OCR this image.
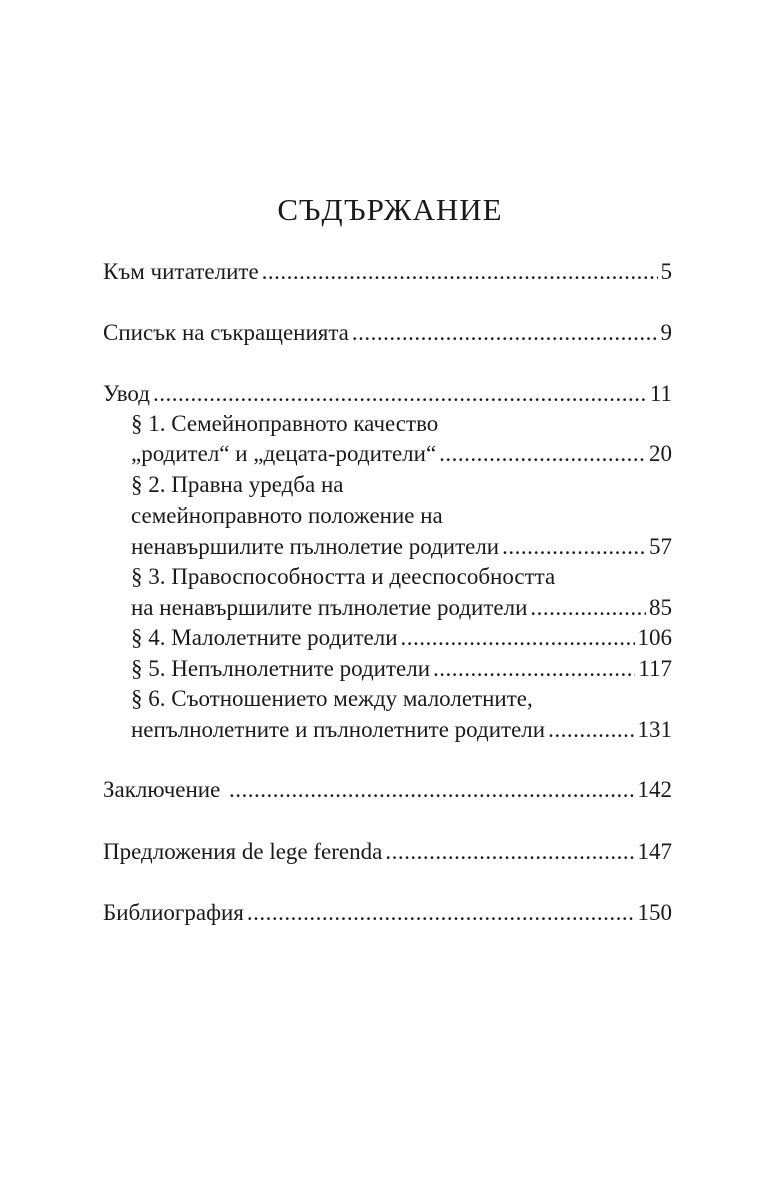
СЪДЪРЖАНИЕ
Към читателите .....	5
Списък на съкращенията .....	9
Увод .....	11
§ 1. Семейноправното качество
„родител“ и „децата-родители“ .....	20
§ 2. Правна уредба на
семейноправното положение на
ненавършилите пълнолетие родители .....	57
§ 3. Правоспособността и дееспособността
на ненавършилите пълнолетие родители .....	85
§ 4. Малолетните родители .....	106
§ 5. Непълнолетните родители .....	117
§ 6. Съотношението между малолетните,
непълнолетните и пълнолетните родители .....	131
Заключение .....	142
Предложения de lege ferenda .....	147
Библиография .....	150
